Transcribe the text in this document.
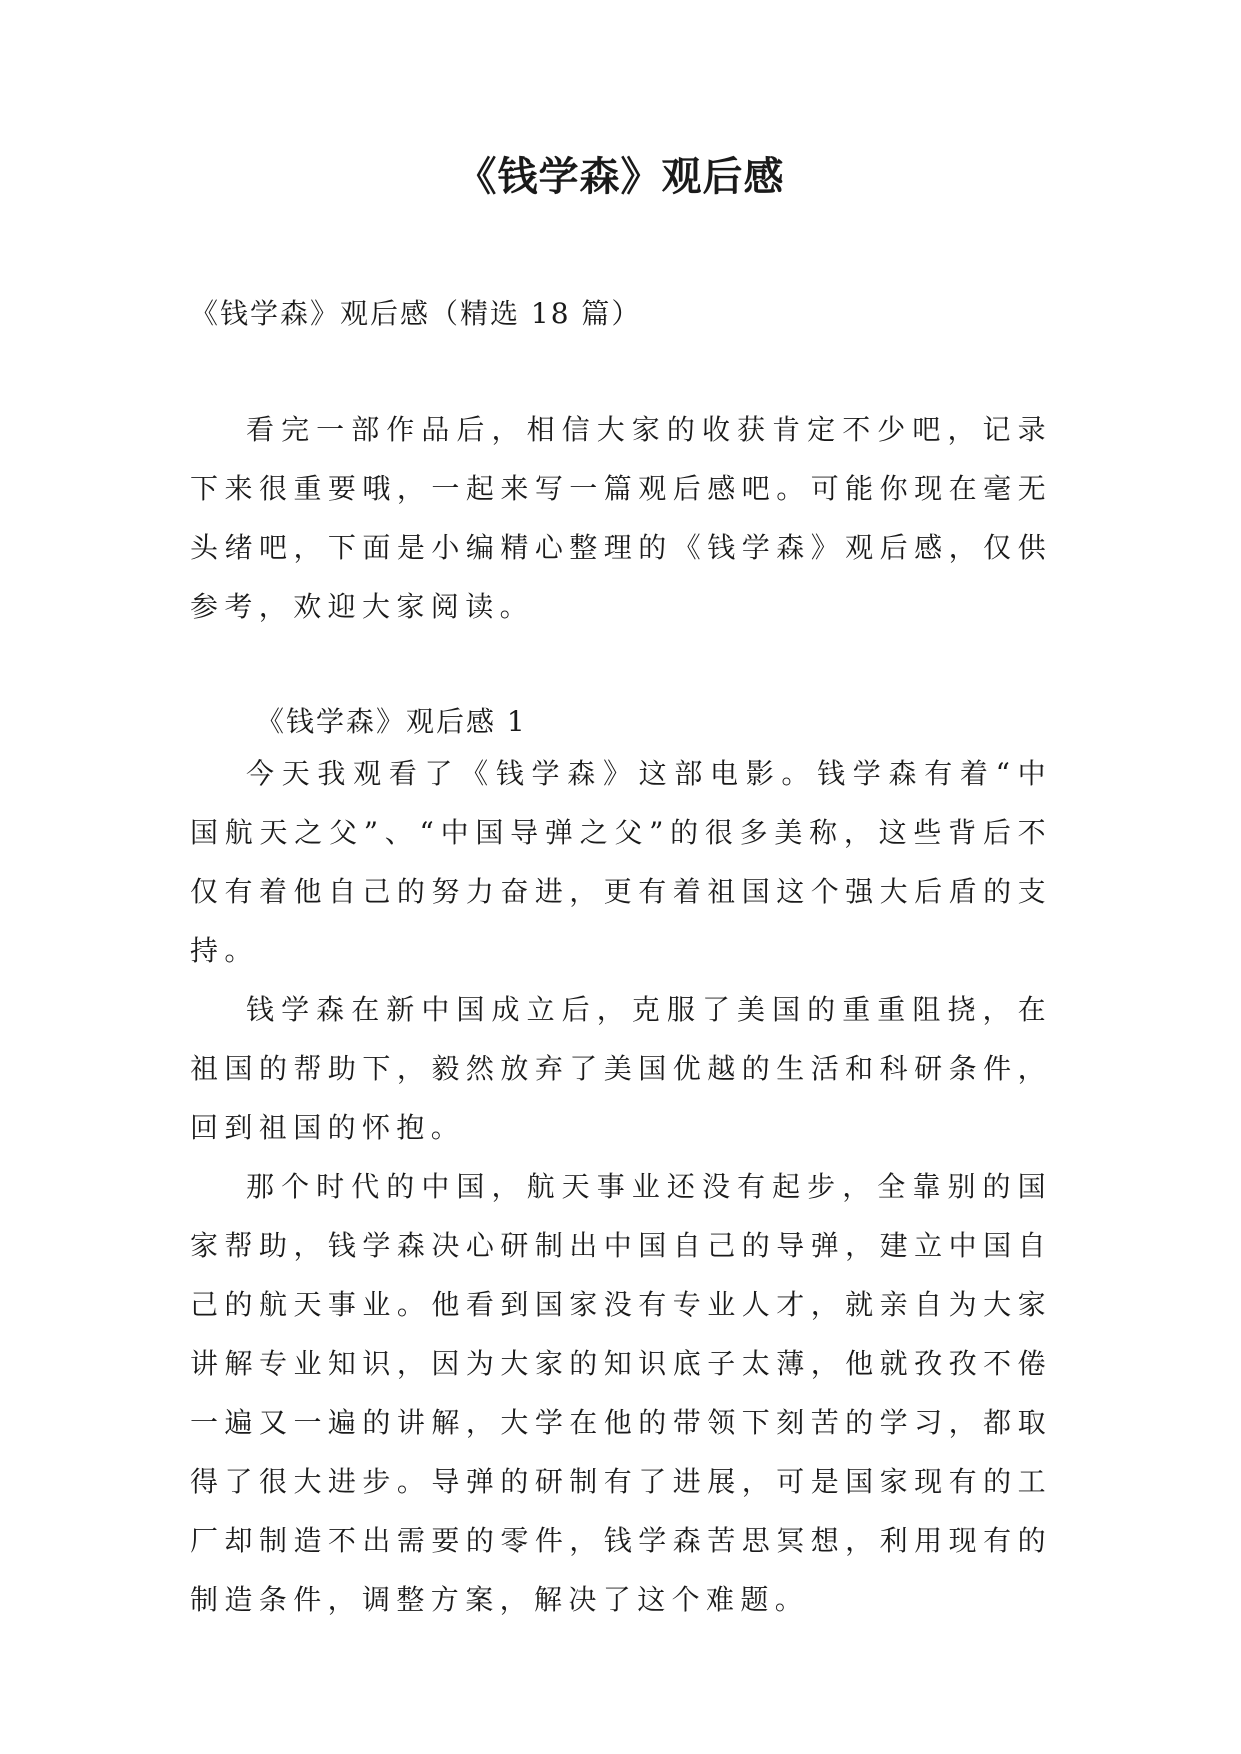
《钱学森》观后感
《钱学森》观后感（精选 18 篇）

看完一部作品后，相信大家的收获肯定不少吧，记录下来很重要哦，一起来写一篇观后感吧。可能你现在毫无头绪吧，下面是小编精心整理的《钱学森》观后感，仅供参考，欢迎大家阅读。

《钱学森》观后感 1

今天我观看了《钱学森》这部电影。钱学森有着“中国航天之父”、“中国导弹之父”的很多美称，这些背后不仅有着他自己的努力奋进，更有着祖国这个强大后盾的支持。

钱学森在新中国成立后，克服了美国的重重阻挠，在祖国的帮助下，毅然放弃了美国优越的生活和科研条件，回到祖国的怀抱。

那个时代的中国，航天事业还没有起步，全靠别的国家帮助，钱学森决心研制出中国自己的导弹，建立中国自己的航天事业。他看到国家没有专业人才，就亲自为大家讲解专业知识，因为大家的知识底子太薄，他就孜孜不倦一遍又一遍的讲解，大学在他的带领下刻苦的学习，都取得了很大进步。导弹的研制有了进展，可是国家现有的工厂却制造不出需要的零件，钱学森苦思冥想，利用现有的制造条件，调整方案，解决了这个难题。
